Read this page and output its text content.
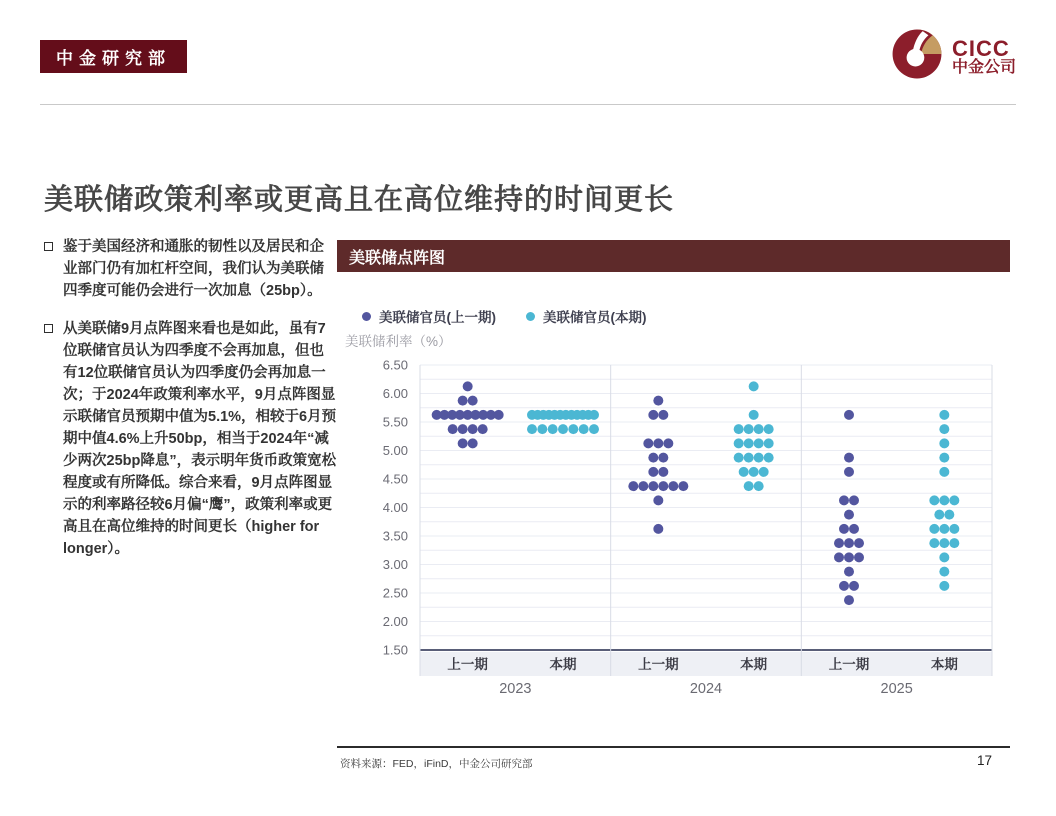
中金研究部	CICC
中金公司
美联储政策利率或更高且在高位维持的时间更长
鉴于美国经济和通胀的韧性以及居民和企业部门仍有加杠杆空间，我们认为美联储四季度可能仍会进行一次加息（25bp）。
从美联储9月点阵图来看也是如此，虽有7位联储官员认为四季度不会再加息，但也有12位联储官员认为四季度仍会再加息一次；于2024年政策利率水平，9月点阵图显示联储官员预期中值为5.1%，相较于6月预期中值4.6%上升50bp，相当于2024年“减少两次25bp降息”，表示明年货币政策宽松程度或有所降低。综合来看，9月点阵图显示的利率路径较6月偏“鹰”，政策利率或更高且在高位维持的时间更长（higher for longer）。
美联储点阵图
美联储官员(上一期)	美联储官员(本期)
美联储利率（%）
6.50
6.00
5.50
5.00
4.50
4.00
3.50
3.00
2.50
2.00
1.50
上一期	本期
2023
上一期	本期
2024
上一期	本期
2025
资料来源：FED，iFinD，中金公司研究部	17
